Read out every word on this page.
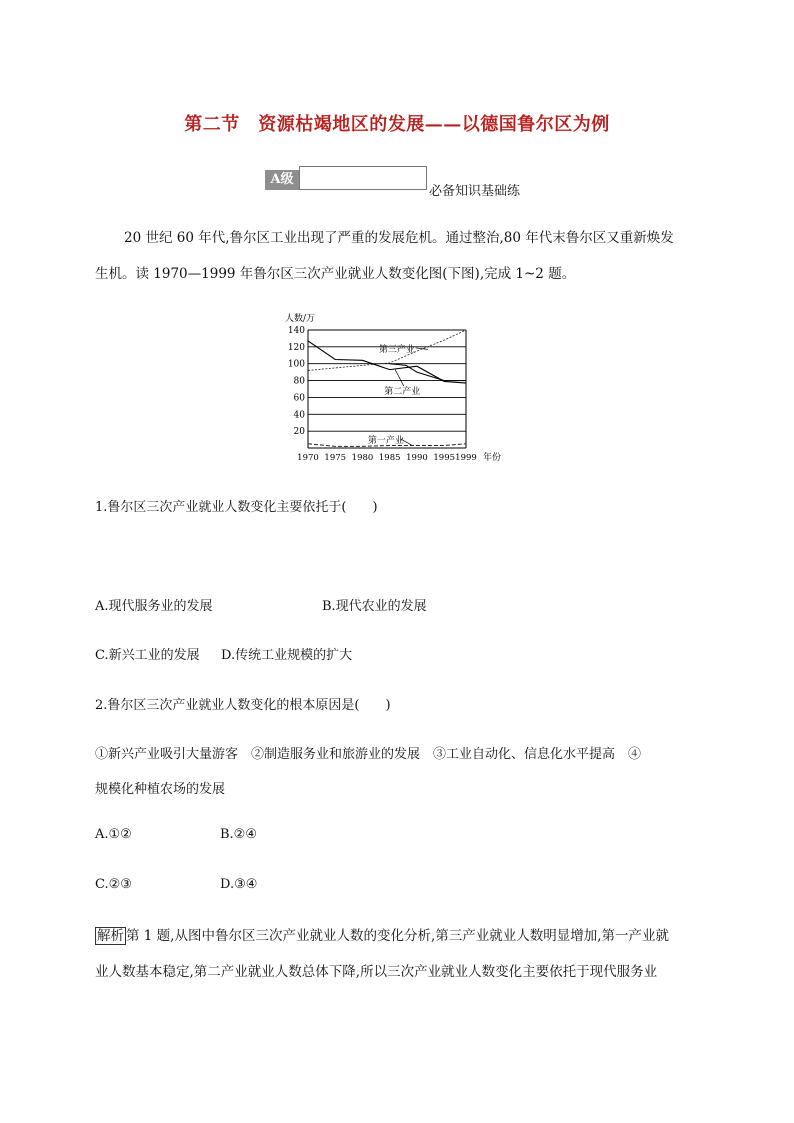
第二节　资源枯竭地区的发展——以德国鲁尔区为例
A级
必备知识基础练
20 世纪 60 年代,鲁尔区工业出现了严重的发展危机。通过整治,80 年代末鲁尔区又重新焕发
生机。读 1970—1999 年鲁尔区三次产业就业人数变化图(下图),完成 1~2 题。
人数/万
年份
20
40
60
80
100
120
140
1970 1975 1980 1985 1990 1995 1999
第三产业
第二产业
第一产业
1.鲁尔区三次产业就业人数变化主要依托于(　　)
A.现代服务业的发展	B.现代农业的发展
C.新兴工业的发展 D.传统工业规模的扩大
2.鲁尔区三次产业就业人数变化的根本原因是(　　)
①新兴产业吸引大量游客　②制造服务业和旅游业的发展　③工业自动化、信息化水平提高　④
规模化种植农场的发展
A.①②	B.②④
C.②③	D.③④
解析 第 1 题,从图中鲁尔区三次产业就业人数的变化分析,第三产业就业人数明显增加,第一产业就
业人数基本稳定,第二产业就业人数总体下降,所以三次产业就业人数变化主要依托于现代服务业
